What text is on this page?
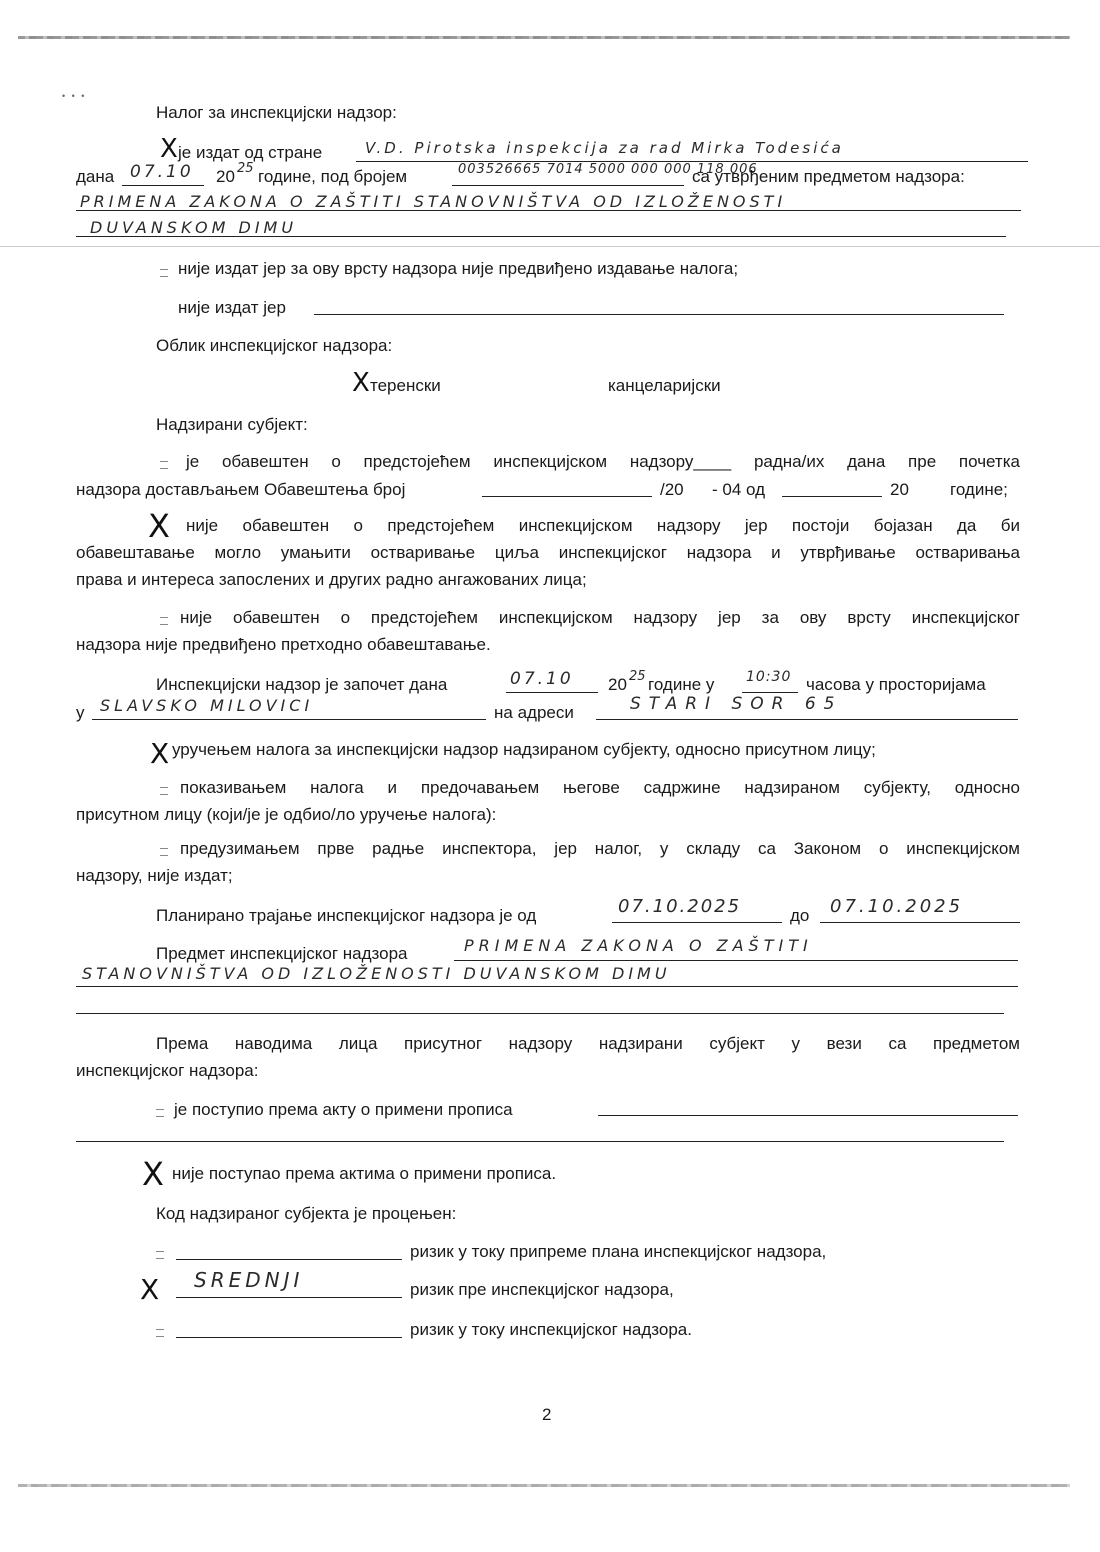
• • •
Налог за инспекцијски надзор:
X је издат од стране	V.D. Pirotska inspekcija za rad Mirka Todesića
дана 07.10 20 25 године, под бројем	003526665 7014 5000 000 000 118 006
са утврђеним предметом надзора:
PRIMENA ZAKONA O ZAŠTITI STANOVNIŠTVA OD IZLOŽENOSTI
DUVANSKOM DIMU
није издат јер за ову врсту надзора није предвиђено издавање налога;
није издат јер
Облик инспекцијског надзора:
X теренски	канцеларијски
Надзирани субјект:
је обавештен о предстојећем инспекцијском надзору____ радна/их дана пре почетка
надзора достављањем Обавештења број	/20 - 04 од	20 године;
X није обавештен о предстојећем инспекцијском надзору јер постоји бојазан да би
обавештавање могло умањити остваривање циља инспекцијског надзора и утврђивање остваривања
права и интереса запослених и других радно ангажованих лица;
није обавештен о предстојећем инспекцијском надзору јер за ову врсту инспекцијског
надзора није предвиђено претходно обавештавање.
Инспекцијски надзор је започет дана	07.10 20 25 године у 10:30 часова у просторијама
у SLAVSKO MILOVICI	на адреси	STARI SOR 65
X уручењем налога за инспекцијски надзор надзираном субјекту, односно присутном лицу;
показивањем налога и предочавањем његове садржине надзираном субјекту, односно
присутном лицу (који/је је одбио/ло уручење налога):
предузимањем прве радње инспектора, јер налог, у складу са Законом о инспекцијском
надзору, није издат;
Планирано трајање инспекцијског надзора је од	07.10.2025	до 07.10.2025
Предмет инспекцијског надзора	PRIMENA ZAKONA O ZAŠTITI
STANOVNIŠTVA OD IZLOŽENOSTI DUVANSKOM DIMU
Према наводима лица присутног надзору надзирани субјект у вези са предметом
инспекцијског надзора:
је поступио према акту о примени прописа
X није поступао према актима о примени прописа.
Код надзираног субјекта је процењен:
ризик у току припреме плана инспекцијског надзора,
X SREDNJI	ризик пре инспекцијског надзора,
ризик у току инспекцијског надзора.
2
